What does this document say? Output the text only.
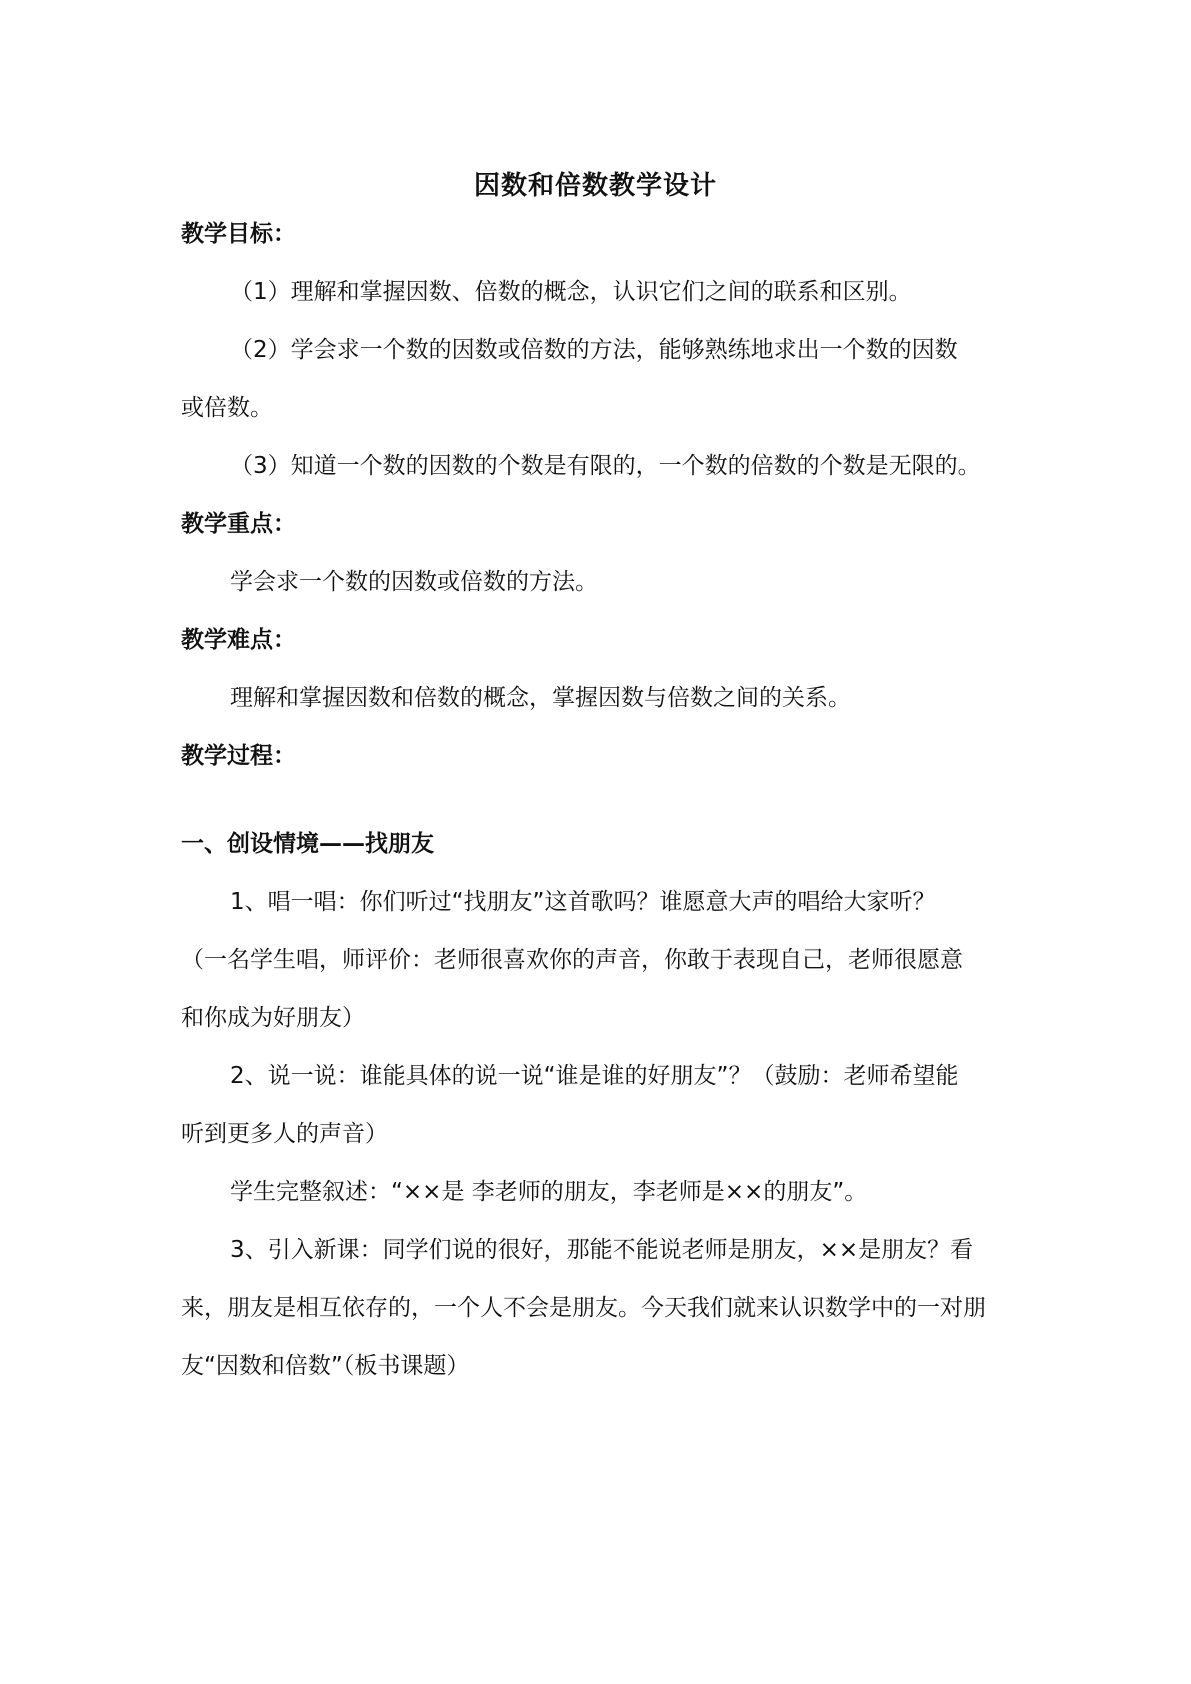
因数和倍数教学设计
教学目标：
（1）理解和掌握因数、倍数的概念，认识它们之间的联系和区别。
（2）学会求一个数的因数或倍数的方法，能够熟练地求出一个数的因数
或倍数。
（3）知道一个数的因数的个数是有限的，一个数的倍数的个数是无限的。
教学重点：
学会求一个数的因数或倍数的方法。
教学难点：
理解和掌握因数和倍数的概念，掌握因数与倍数之间的关系。
教学过程：
一、创设情境——找朋友
1、唱一唱：你们听过“找朋友”这首歌吗？谁愿意大声的唱给大家听？
（一名学生唱，师评价：老师很喜欢你的声音，你敢于表现自己，老师很愿意
和你成为好朋友）
2、说一说：谁能具体的说一说“谁是谁的好朋友”？（鼓励：老师希望能
听到更多人的声音）
学生完整叙述：“××是 李老师的朋友，李老师是××的朋友”。
3、引入新课：同学们说的很好，那能不能说老师是朋友，××是朋友？看
来，朋友是相互依存的，一个人不会是朋友。今天我们就来认识数学中的一对朋
友“因数和倍数”（板书课题）
